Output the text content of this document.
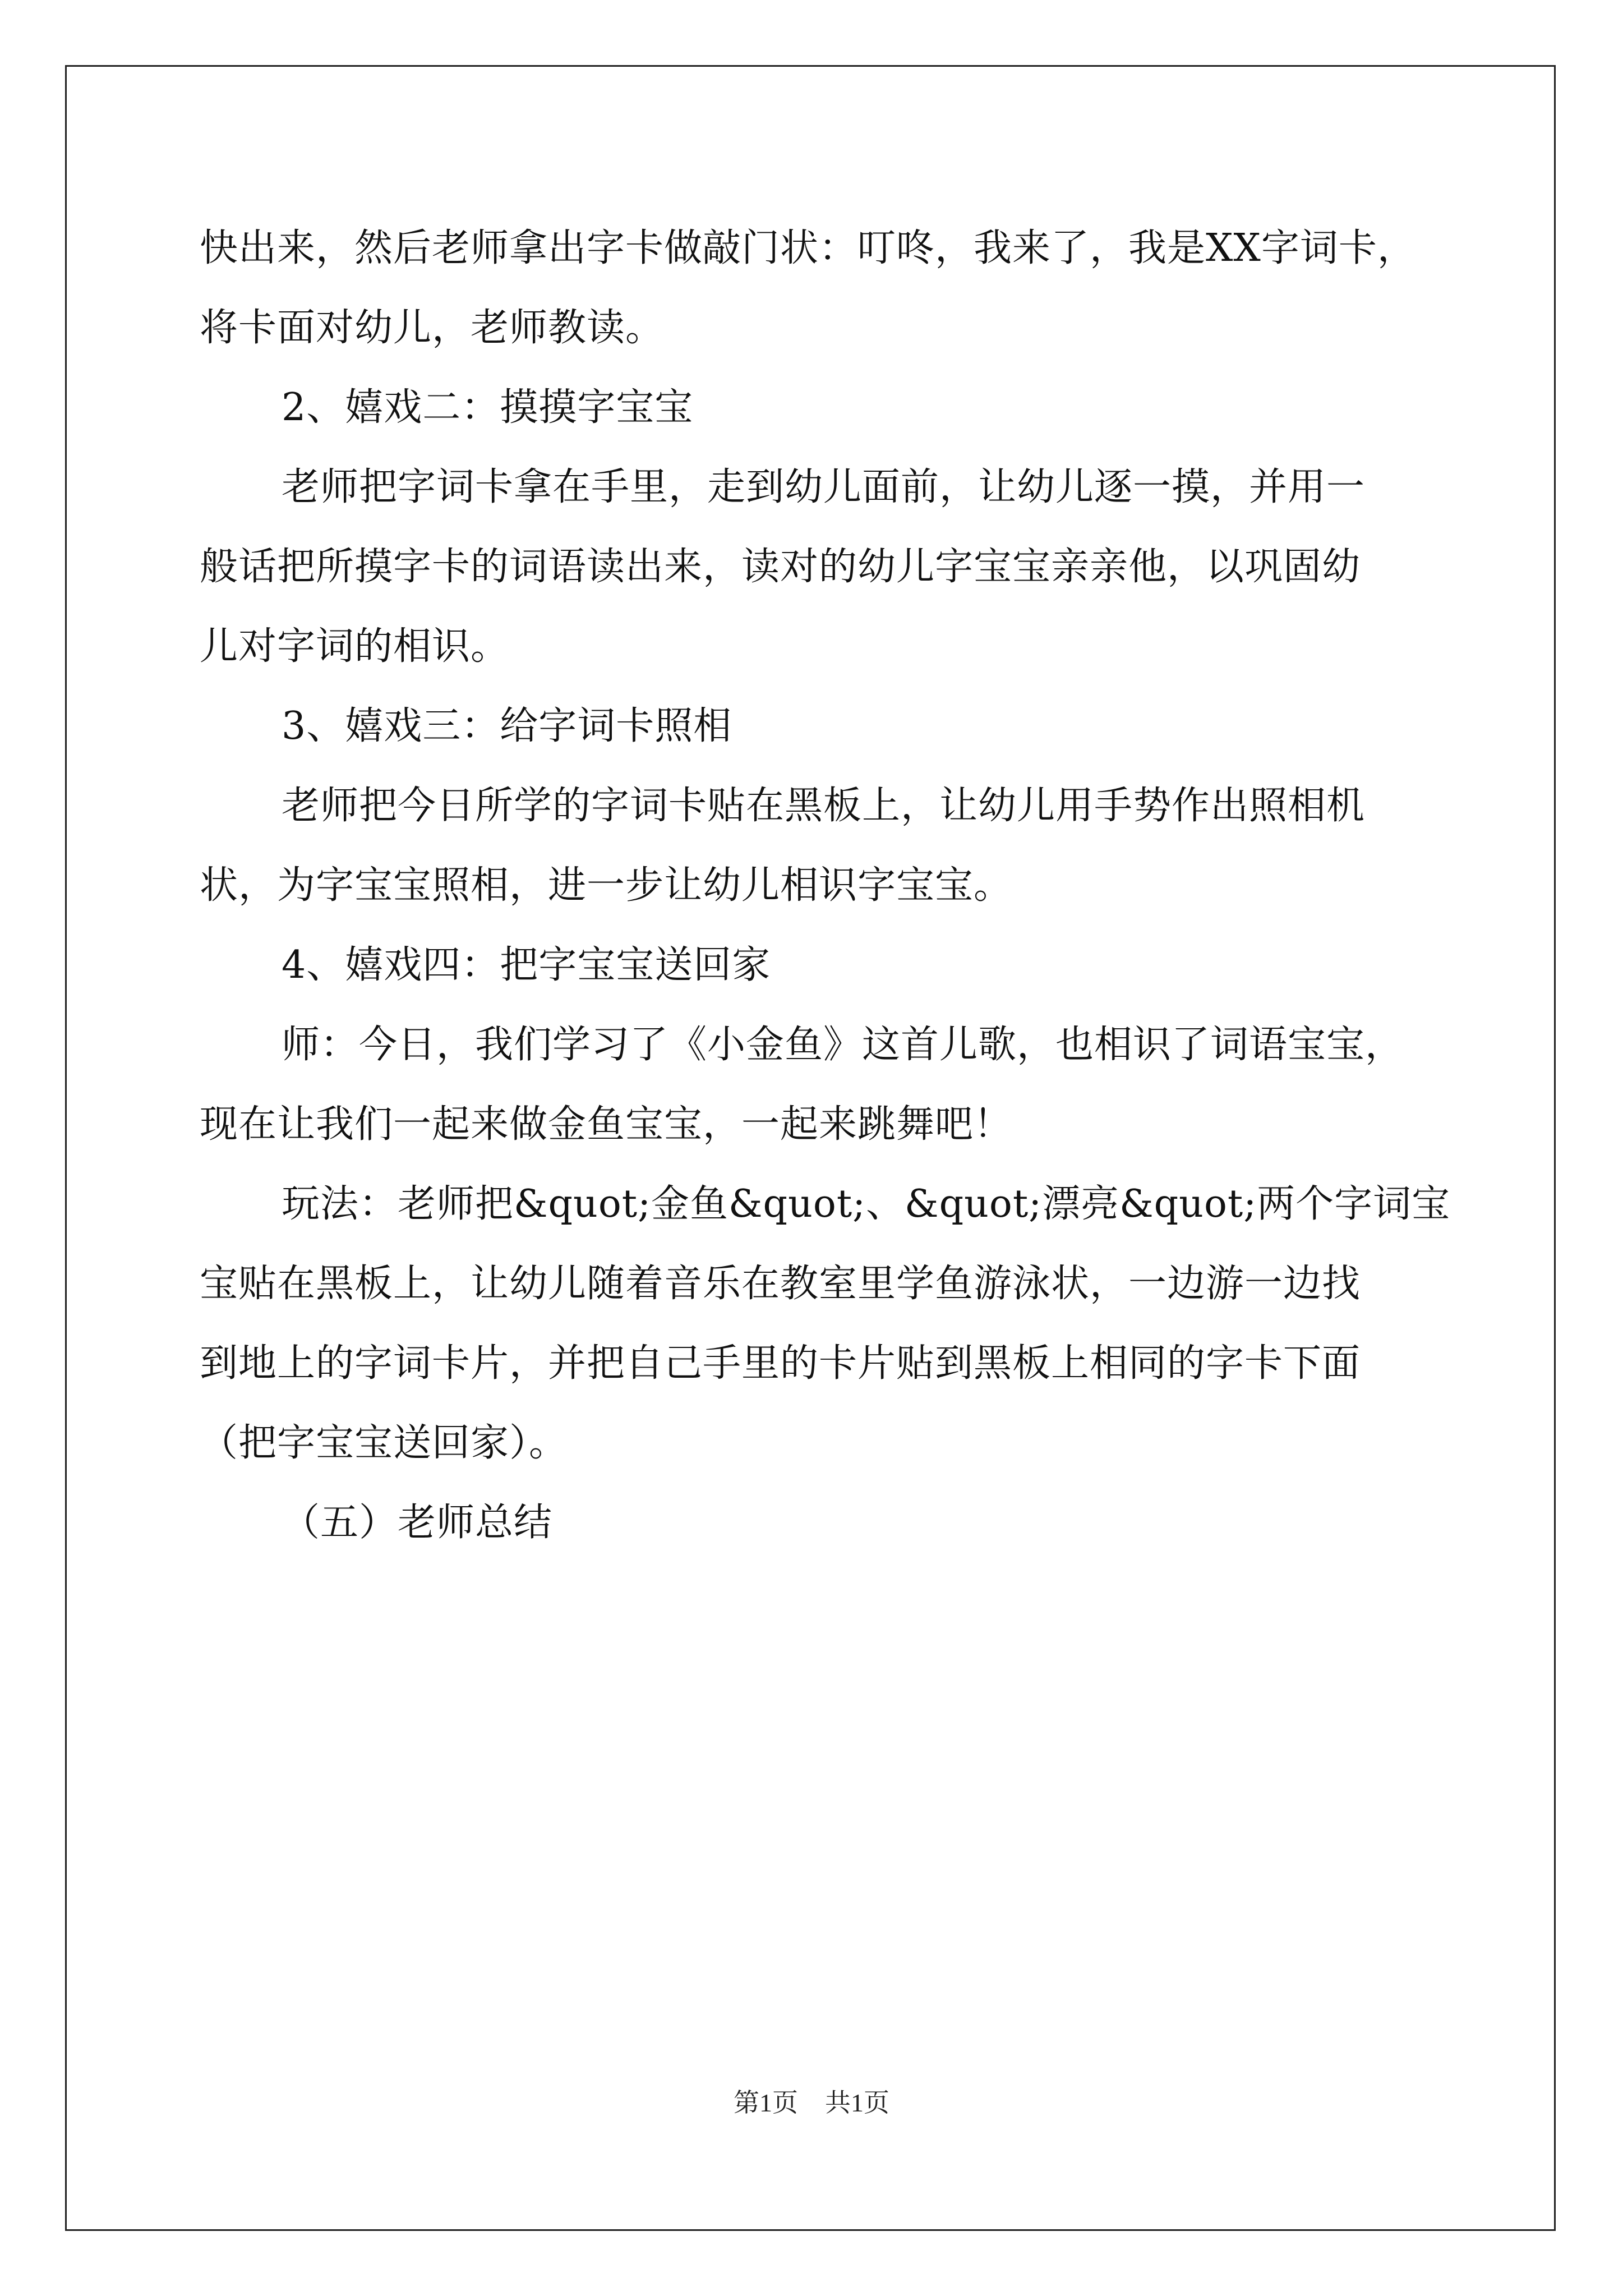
快出来，然后老师拿出字卡做敲门状：叮咚，我来了，我是XX字词卡，
将卡面对幼儿，老师教读。
2、嬉戏二：摸摸字宝宝
老师把字词卡拿在手里，走到幼儿面前，让幼儿逐一摸，并用一
般话把所摸字卡的词语读出来，读对的幼儿字宝宝亲亲他，以巩固幼
儿对字词的相识。
3、嬉戏三：给字词卡照相
老师把今日所学的字词卡贴在黑板上，让幼儿用手势作出照相机
状，为字宝宝照相，进一步让幼儿相识字宝宝。
4、嬉戏四：把字宝宝送回家
师：今日，我们学习了《小金鱼》这首儿歌，也相识了词语宝宝，
现在让我们一起来做金鱼宝宝，一起来跳舞吧！
玩法：老师把&quot;金鱼&quot;、&quot;漂亮&quot;两个字词宝
宝贴在黑板上，让幼儿随着音乐在教室里学鱼游泳状，一边游一边找
到地上的字词卡片，并把自己手里的卡片贴到黑板上相同的字卡下面
（把字宝宝送回家）。
（五）老师总结
第1页 共1页
